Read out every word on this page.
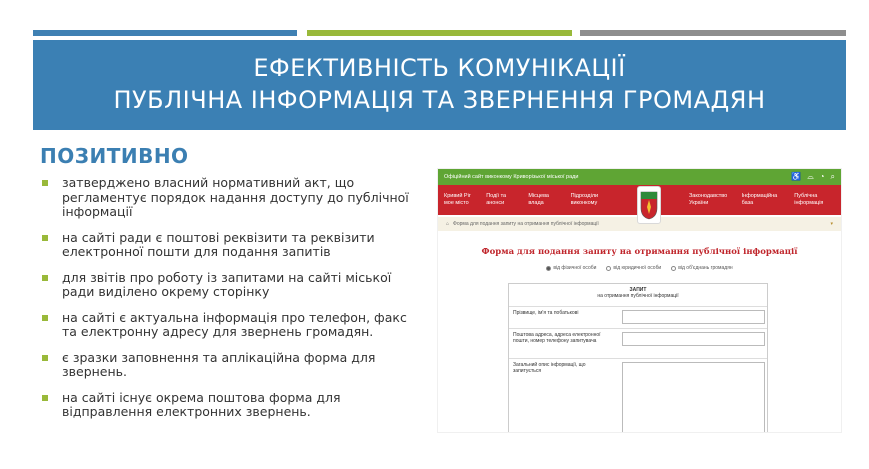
ЕФЕКТИВНІСТЬ КОМУНІКАЦІЇ
ПУБЛІЧНА ІНФОРМАЦІЯ ТА ЗВЕРНЕННЯ ГРОМАДЯН
ПОЗИТИВНО
затверджено власний нормативний акт, що регламентує порядок надання доступу до публічної інформації
на сайті ради є поштові реквізити та реквізити електронної пошти для подання запитів
для звітів про роботу із запитами на сайті міської ради виділено окрему сторінку
на сайті є актуальна інформація про телефон, факс та електронну адресу для звернень громадян.
є зразки заповнення та аплікаційна форма для звернень.
на сайті існує окрема поштова форма для відправлення електронних звернень.
Офіційний сайт виконкому Криворізької міської ради	♿ ⌓ ◔ ⌕
Кривий Ріг мое місто
Події та анонси
Місцева влада
Підрозділи виконкому
Законодавство України
Інформаційна база
Публічна інформація
⌂ Форма для подання запиту на отримання публічної інформації	▾
Форма для подання запиту на отримання публічної інформації
від фізичної особи	від юридичної особи	від об'єднань громадян
ЗАПИТ
на отримання публічної інформації
Прізвище, ім'я та побатькові
Поштова адреса, адреса електронної пошти, номер телефону запитувача
Загальний опис інформації, що запитується
